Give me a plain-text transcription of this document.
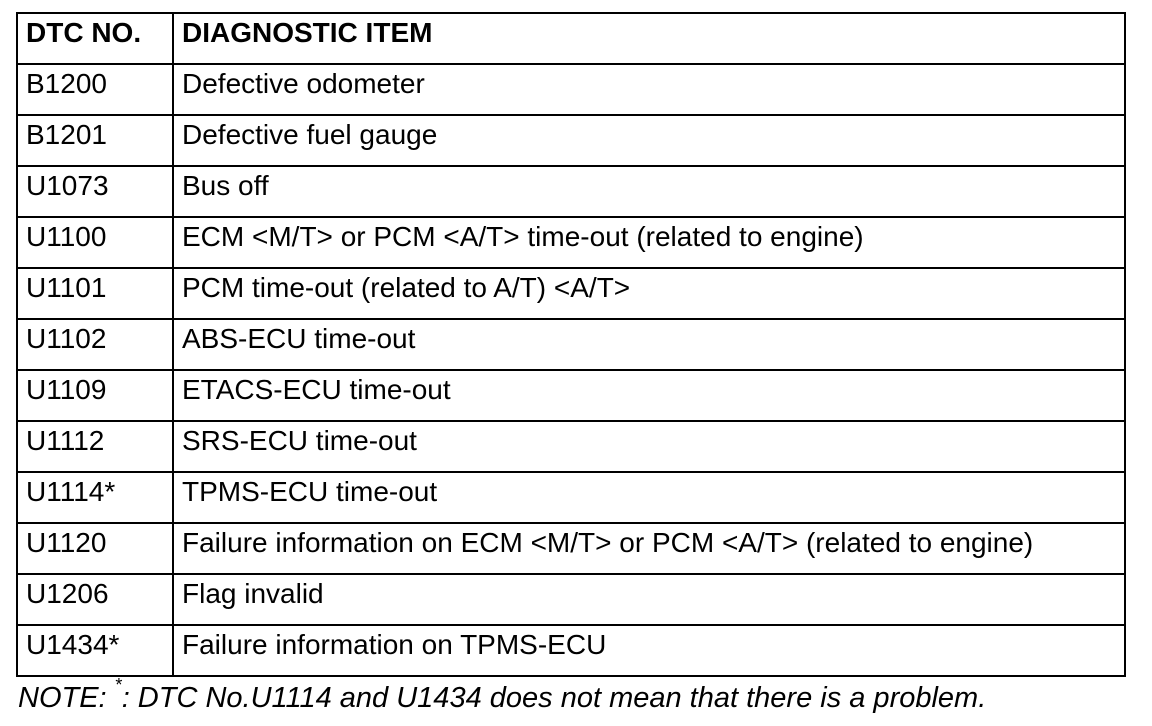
DTC NO.	DIAGNOSTIC ITEM
B1200	Defective odometer
B1201	Defective fuel gauge
U1073	Bus off
U1100	ECM <M/T> or PCM <A/T> time-out (related to engine)
U1101	PCM time-out (related to A/T) <A/T>
U1102	ABS-ECU time-out
U1109	ETACS-ECU time-out
U1112	SRS-ECU time-out
U1114*	TPMS-ECU time-out
U1120	Failure information on ECM <M/T> or PCM <A/T> (related to engine)
U1206	Flag invalid
U1434*	Failure information on TPMS-ECU
NOTE: *: DTC No.U1114 and U1434 does not mean that there is a problem.
